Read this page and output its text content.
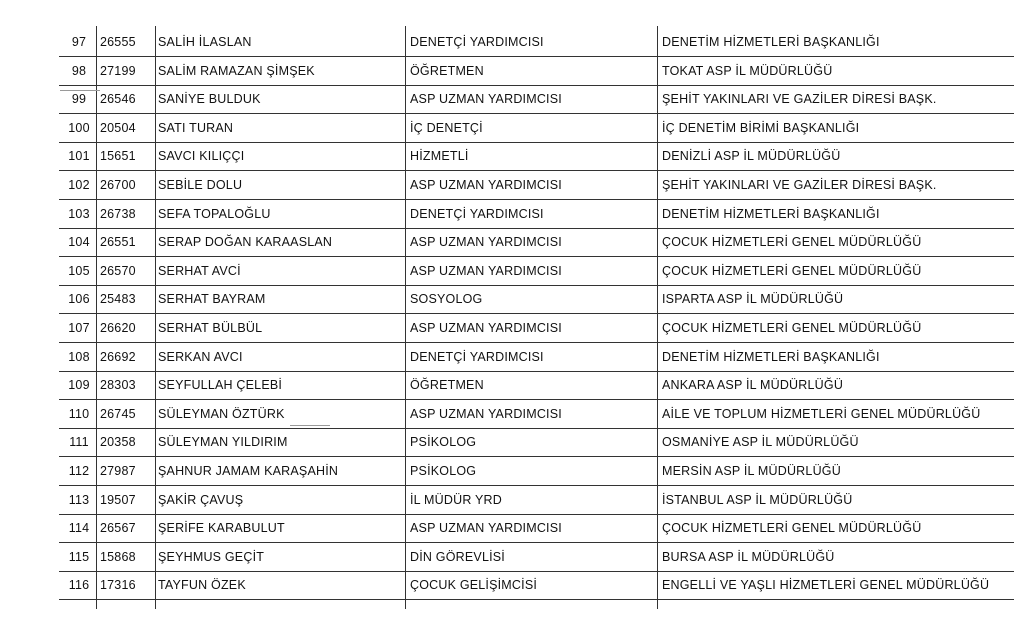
97	26555	SALİH İLASLAN	DENETÇİ YARDIMCISI	DENETİM HİZMETLERİ BAŞKANLIĞI
98	27199	SALİM RAMAZAN ŞİMŞEK	ÖĞRETMEN	TOKAT ASP İL MÜDÜRLÜĞÜ
99	26546	SANİYE BULDUK	ASP UZMAN YARDIMCISI	ŞEHİT YAKINLARI VE GAZİLER DİRESİ BAŞK.
100 20504	SATI TURAN	İÇ DENETÇİ	İÇ DENETİM BİRİMİ BAŞKANLIĞI
101 15651	SAVCI KILIÇÇI	HİZMETLİ	DENİZLİ ASP İL MÜDÜRLÜĞÜ
102 26700	SEBİLE DOLU	ASP UZMAN YARDIMCISI	ŞEHİT YAKINLARI VE GAZİLER DİRESİ BAŞK.
103 26738	SEFA TOPALOĞLU	DENETÇİ YARDIMCISI	DENETİM HİZMETLERİ BAŞKANLIĞI
104 26551	SERAP DOĞAN KARAASLAN	ASP UZMAN YARDIMCISI	ÇOCUK HİZMETLERİ GENEL MÜDÜRLÜĞÜ
105 26570	SERHAT AVCİ	ASP UZMAN YARDIMCISI	ÇOCUK HİZMETLERİ GENEL MÜDÜRLÜĞÜ
106 25483	SERHAT BAYRAM	SOSYOLOG	ISPARTA ASP İL MÜDÜRLÜĞÜ
107 26620	SERHAT BÜLBÜL	ASP UZMAN YARDIMCISI	ÇOCUK HİZMETLERİ GENEL MÜDÜRLÜĞÜ
108 26692	SERKAN AVCI	DENETÇİ YARDIMCISI	DENETİM HİZMETLERİ BAŞKANLIĞI
109 28303	SEYFULLAH ÇELEBİ	ÖĞRETMEN	ANKARA ASP İL MÜDÜRLÜĞÜ
110 26745	SÜLEYMAN ÖZTÜRK	ASP UZMAN YARDIMCISI	AİLE VE TOPLUM HİZMETLERİ GENEL MÜDÜRLÜĞÜ
111 20358	SÜLEYMAN YILDIRIM	PSİKOLOG	OSMANİYE ASP İL MÜDÜRLÜĞÜ
112 27987	ŞAHNUR JAMAM KARAŞAHİN	PSİKOLOG	MERSİN ASP İL MÜDÜRLÜĞÜ
113 19507	ŞAKİR ÇAVUŞ	İL MÜDÜR YRD	İSTANBUL ASP İL MÜDÜRLÜĞÜ
114 26567	ŞERİFE KARABULUT	ASP UZMAN YARDIMCISI	ÇOCUK HİZMETLERİ GENEL MÜDÜRLÜĞÜ
115 15868	ŞEYHMUS GEÇİT	DİN GÖREVLİSİ	BURSA ASP İL MÜDÜRLÜĞÜ
116 17316	TAYFUN ÖZEK	ÇOCUK GELİŞİMCİSİ	ENGELLİ VE YAŞLI HİZMETLERİ GENEL MÜDÜRLÜĞÜ
